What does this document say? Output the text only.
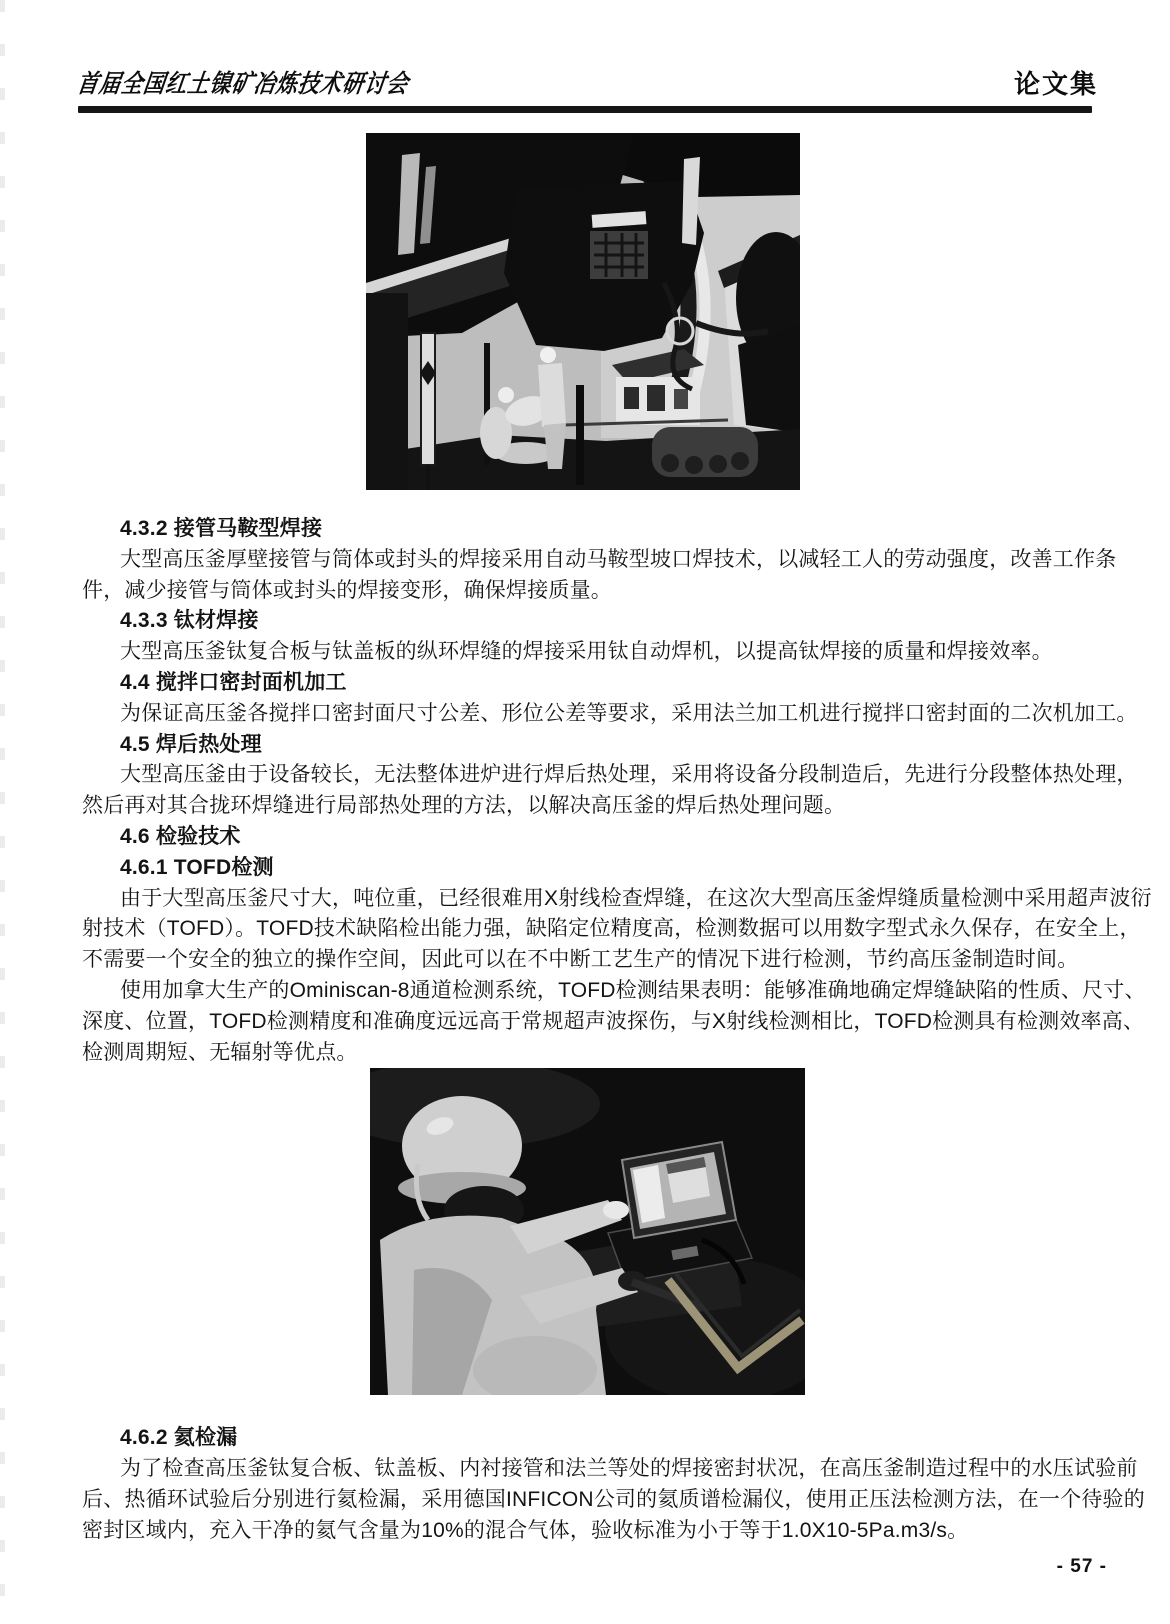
首届全国红土镍矿冶炼技术研讨会	论文集
4.3.2 接管马鞍型焊接
大型高压釜厚壁接管与筒体或封头的焊接采用自动马鞍型坡口焊技术，以减轻工人的劳动强度，改善工作条
件，减少接管与筒体或封头的焊接变形，确保焊接质量。
4.3.3 钛材焊接
大型高压釜钛复合板与钛盖板的纵环焊缝的焊接采用钛自动焊机，以提高钛焊接的质量和焊接效率。
4.4 搅拌口密封面机加工
为保证高压釜各搅拌口密封面尺寸公差、形位公差等要求，采用法兰加工机进行搅拌口密封面的二次机加工。
4.5 焊后热处理
大型高压釜由于设备较长，无法整体进炉进行焊后热处理，采用将设备分段制造后，先进行分段整体热处理，
然后再对其合拢环焊缝进行局部热处理的方法，以解决高压釜的焊后热处理问题。
4.6 检验技术
4.6.1 TOFD检测
由于大型高压釜尺寸大，吨位重，已经很难用X射线检查焊缝，在这次大型高压釜焊缝质量检测中采用超声波衍
射技术（TOFD）。TOFD技术缺陷检出能力强，缺陷定位精度高，检测数据可以用数字型式永久保存，在安全上，
不需要一个安全的独立的操作空间，因此可以在不中断工艺生产的情况下进行检测，节约高压釜制造时间。
使用加拿大生产的Ominiscan-8通道检测系统，TOFD检测结果表明：能够准确地确定焊缝缺陷的性质、尺寸、
深度、位置，TOFD检测精度和准确度远远高于常规超声波探伤，与X射线检测相比，TOFD检测具有检测效率高、
检测周期短、无辐射等优点。
4.6.2 氦检漏
为了检查高压釜钛复合板、钛盖板、内衬接管和法兰等处的焊接密封状况，在高压釜制造过程中的水压试验前
后、热循环试验后分别进行氦检漏，采用德国INFICON公司的氦质谱检漏仪，使用正压法检测方法，在一个待验的
密封区域内，充入干净的氦气含量为10%的混合气体，验收标准为小于等于1.0X10-5Pa.m3/s。
- 57 -
